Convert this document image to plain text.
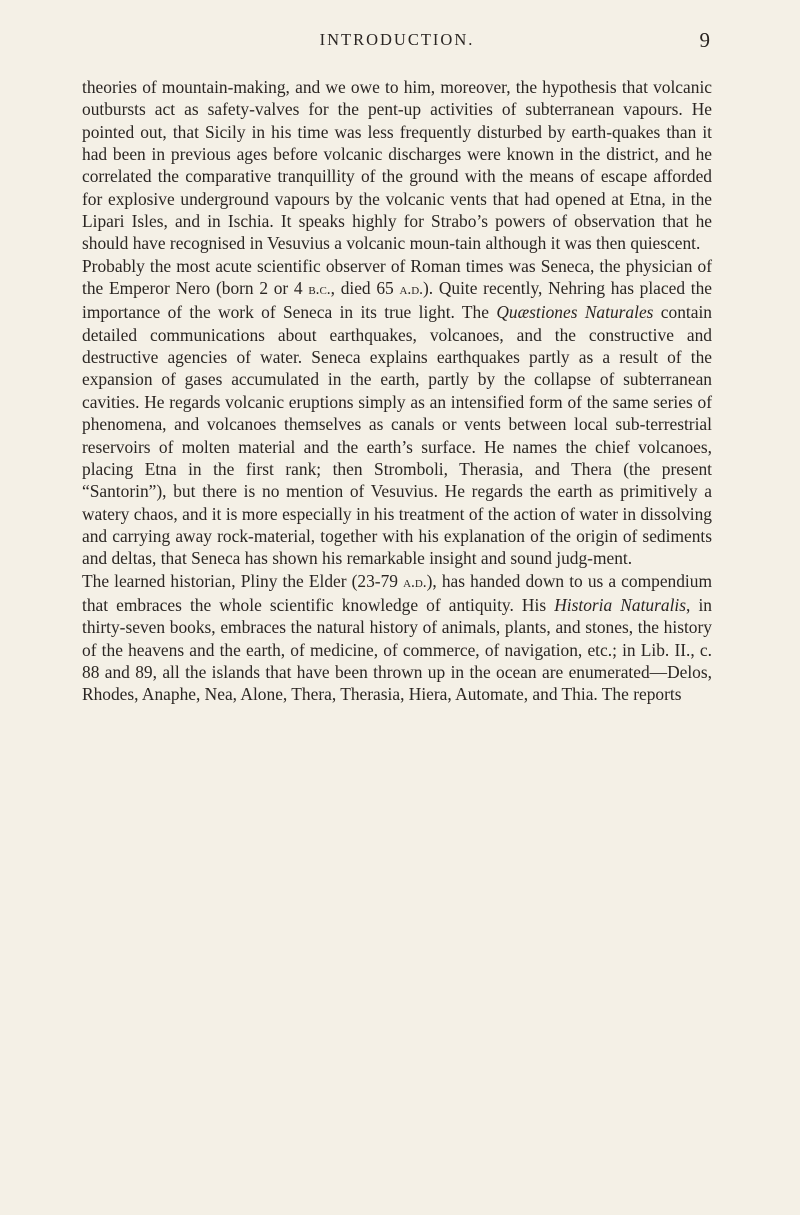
INTRODUCTION.	9

theories of mountain-making, and we owe to him, moreover, the hypothesis that volcanic outbursts act as safety-valves for the pent-up activities of subterranean vapours. He pointed out, that Sicily in his time was less frequently disturbed by earth-quakes than it had been in previous ages before volcanic discharges were known in the district, and he correlated the comparative tranquillity of the ground with the means of escape afforded for explosive underground vapours by the volcanic vents that had opened at Etna, in the Lipari Isles, and in Ischia. It speaks highly for Strabo’s powers of observation that he should have recognised in Vesuvius a volcanic moun-tain although it was then quiescent.

Probably the most acute scientific observer of Roman times was Seneca, the physician of the Emperor Nero (born 2 or 4 b.c., died 65 a.d.). Quite recently, Nehring has placed the importance of the work of Seneca in its true light. The Quæstiones Naturales contain detailed communications about earthquakes, volcanoes, and the constructive and destructive agencies of water. Seneca explains earthquakes partly as a result of the expansion of gases accumulated in the earth, partly by the collapse of subterranean cavities. He regards volcanic eruptions simply as an intensified form of the same series of phenomena, and volcanoes themselves as canals or vents between local sub-terrestrial reservoirs of molten material and the earth’s surface. He names the chief volcanoes, placing Etna in the first rank; then Stromboli, Therasia, and Thera (the present “Santorin”), but there is no mention of Vesuvius. He regards the earth as primitively a watery chaos, and it is more especially in his treatment of the action of water in dissolving and carrying away rock-material, together with his explanation of the origin of sediments and deltas, that Seneca has shown his remarkable insight and sound judg-ment.

The learned historian, Pliny the Elder (23-79 a.d.), has handed down to us a compendium that embraces the whole scientific knowledge of antiquity. His Historia Naturalis, in thirty-seven books, embraces the natural history of animals, plants, and stones, the history of the heavens and the earth, of medicine, of commerce, of navigation, etc.; in Lib. II., c. 88 and 89, all the islands that have been thrown up in the ocean are enumerated—Delos, Rhodes, Anaphe, Nea, Alone, Thera, Therasia, Hiera, Automate, and Thia. The reports
